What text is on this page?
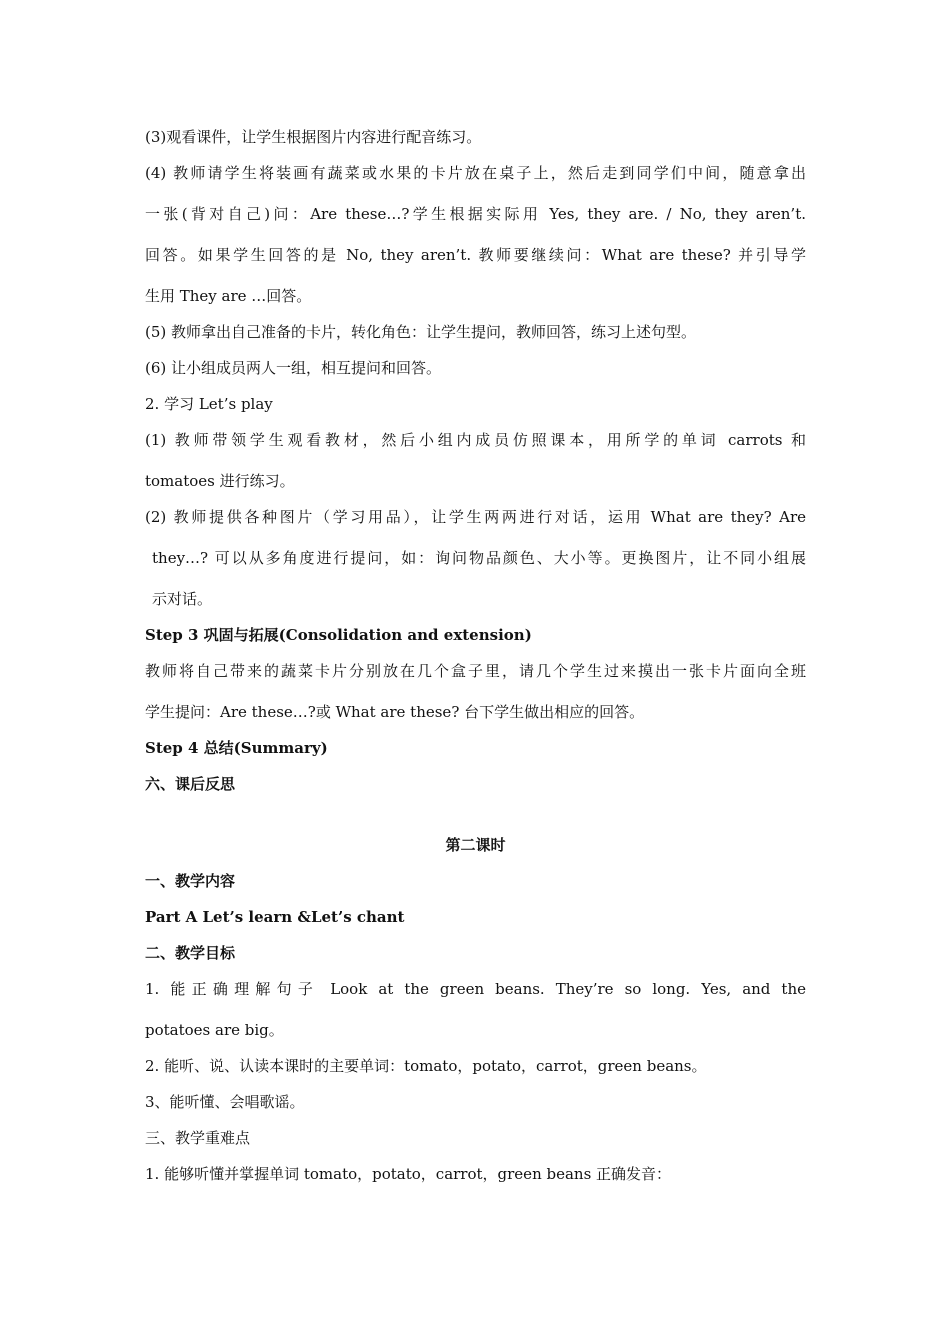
(3)观看课件，让学生根据图片内容进行配音练习。
(4) 教师请学生将装画有蔬菜或水果的卡片放在桌子上，然后走到同学们中间，随意拿出
一张(背对自己)问：Are these…?学生根据实际用 Yes, they are. / No, they aren’t.
回答。如果学生回答的是 No, they aren’t. 教师要继续问：What are these? 并引导学
生用 They are …回答。
(5) 教师拿出自己准备的卡片，转化角色：让学生提问，教师回答，练习上述句型。
(6) 让小组成员两人一组，相互提问和回答。
2. 学习 Let’s play
(1) 教师带领学生观看教材，然后小组内成员仿照课本，用所学的单词 carrots 和
tomatoes 进行练习。
(2) 教师提供各种图片（学习用品），让学生两两进行对话，运用 What are they? Are
they…? 可以从多角度进行提问，如：询问物品颜色、大小等。更换图片，让不同小组展
示对话。
Step 3 巩固与拓展(Consolidation and extension)
教师将自己带来的蔬菜卡片分别放在几个盒子里，请几个学生过来摸出一张卡片面向全班
学生提问：Are these…?或 What are these? 台下学生做出相应的回答。
Step 4 总结(Summary)
六、课后反思
第二课时
一、教学内容
Part A Let’s learn &Let’s chant
二、教学目标
1. 能正确理解句子 Look at the green beans. They’re so long. Yes, and the
potatoes are big。
2. 能听、说、认读本课时的主要单词：tomato，potato，carrot，green beans。
3、能听懂、会唱歌谣。
三、教学重难点
1. 能够听懂并掌握单词 tomato，potato，carrot，green beans 正确发音：
